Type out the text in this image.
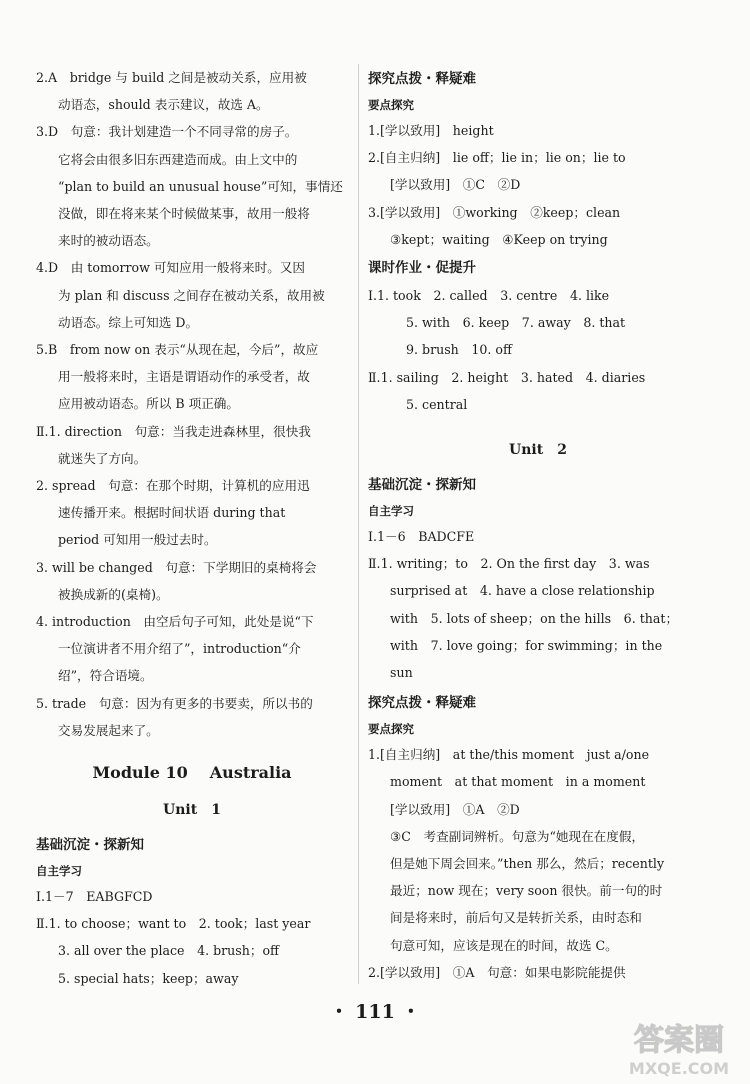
2.A　bridge 与 build 之间是被动关系，应用被

动语态，should 表示建议，故选 A。

3.D　句意：我计划建造一个不同寻常的房子。

它将会由很多旧东西建造而成。由上文中的

“plan to build an unusual house”可知，事情还

没做，即在将来某个时候做某事，故用一般将

来时的被动语态。

4.D　由 tomorrow 可知应用一般将来时。又因

为 plan 和 discuss 之间存在被动关系，故用被

动语态。综上可知选 D。

5.B　from now on 表示“从现在起，今后”，故应

用一般将来时，主语是谓语动作的承受者，故

应用被动语态。所以 B 项正确。

Ⅱ.1. direction　句意：当我走进森林里，很快我

就迷失了方向。

2. spread　句意：在那个时期，计算机的应用迅

速传播开来。根据时间状语 during that

period 可知用一般过去时。

3. will be changed　句意：下学期旧的桌椅将会

被换成新的(桌椅)。

4. introduction　由空后句子可知，此处是说“下

一位演讲者不用介绍了”，introduction“介

绍”，符合语境。

5. trade　句意：因为有更多的书要卖，所以书的

交易发展起来了。

Module 10 Australia
Unit 1

基础沉淀・探新知

自主学习

Ⅰ.1－7　EABGFCD

Ⅱ.1. to choose；want to　2. took；last year

3. all over the place　4. brush；off

5. special hats；keep；away

探究点拨・释疑难

要点探究

1.[学以致用]　height

2.[自主归纳]　lie off；lie in；lie on；lie to

[学以致用]　①C　②D

3.[学以致用]　①working　②keep；clean

③kept；waiting　④Keep on trying

课时作业・促提升

Ⅰ.1. took　2. called　3. centre　4. like

5. with　6. keep　7. away　8. that

9. brush　10. off

Ⅱ.1. sailing　2. height　3. hated　4. diaries

5. central

Unit 2

基础沉淀・探新知

自主学习

Ⅰ.1－6　BADCFE

Ⅱ.1. writing；to　2. On the first day　3. was

surprised at　4. have a close relationship

with　5. lots of sheep；on the hills　6. that；

with　7. love going；for swimming；in the

sun

探究点拨・释疑难

要点探究

1.[自主归纳]　at the/this moment　just a/one

moment　at that moment　in a moment

[学以致用]　①A　②D

③C　考查副词辨析。句意为“她现在在度假，

但是她下周会回来。”then 那么，然后；recently

最近；now 现在；very soon 很快。前一句的时

间是将来时，前后句又是转折关系，由时态和

句意可知，应该是现在的时间，故选 C。

2.[学以致用]　①A　句意：如果电影院能提供

・ 111 ・
答案圈
MXQE.COM
